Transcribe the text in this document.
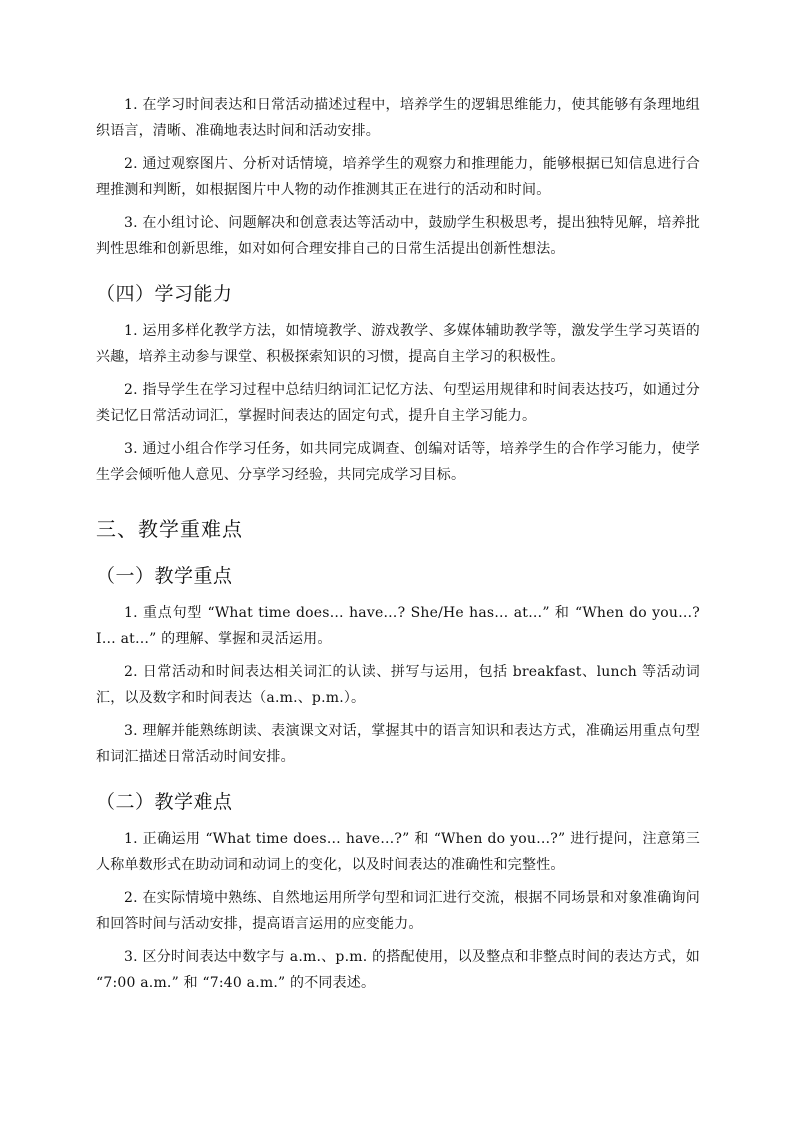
1. 在学习时间表达和日常活动描述过程中，培养学生的逻辑思维能力，使其能够有条理地组织语言，清晰、准确地表达时间和活动安排。

2. 通过观察图片、分析对话情境，培养学生的观察力和推理能力，能够根据已知信息进行合理推测和判断，如根据图片中人物的动作推测其正在进行的活动和时间。

3. 在小组讨论、问题解决和创意表达等活动中，鼓励学生积极思考，提出独特见解，培养批判性思维和创新思维，如对如何合理安排自己的日常生活提出创新性想法。

（四）学习能力

1. 运用多样化教学方法，如情境教学、游戏教学、多媒体辅助教学等，激发学生学习英语的兴趣，培养主动参与课堂、积极探索知识的习惯，提高自主学习的积极性。

2. 指导学生在学习过程中总结归纳词汇记忆方法、句型运用规律和时间表达技巧，如通过分类记忆日常活动词汇，掌握时间表达的固定句式，提升自主学习能力。

3. 通过小组合作学习任务，如共同完成调查、创编对话等，培养学生的合作学习能力，使学生学会倾听他人意见、分享学习经验，共同完成学习目标。

三、教学重难点
（一）教学重点

1. 重点句型 “What time does… have…? She/He has… at…” 和 “When do you…? I… at…” 的理解、掌握和灵活运用。

2. 日常活动和时间表达相关词汇的认读、拼写与运用，包括 breakfast、lunch 等活动词汇，以及数字和时间表达（a.m.、p.m.）。

3. 理解并能熟练朗读、表演课文对话，掌握其中的语言知识和表达方式，准确运用重点句型和词汇描述日常活动时间安排。

（二）教学难点

1. 正确运用 “What time does… have…?” 和 “When do you…?” 进行提问，注意第三人称单数形式在助动词和动词上的变化，以及时间表达的准确性和完整性。

2. 在实际情境中熟练、自然地运用所学句型和词汇进行交流，根据不同场景和对象准确询问和回答时间与活动安排，提高语言运用的应变能力。

3. 区分时间表达中数字与 a.m.、p.m. 的搭配使用，以及整点和非整点时间的表达方式，如 “7:00 a.m.” 和 “7:40 a.m.” 的不同表述。
